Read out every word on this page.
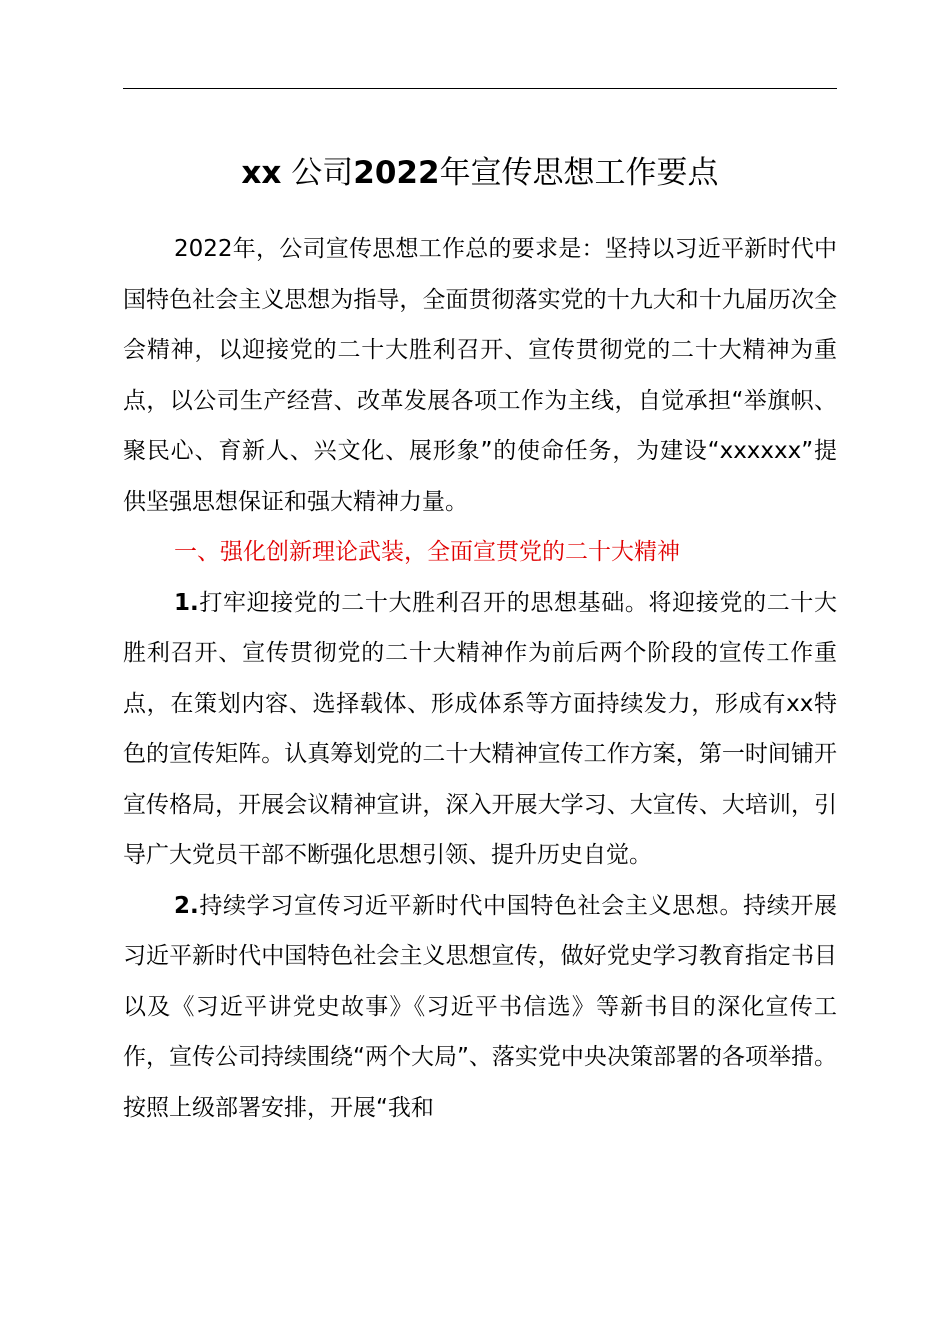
xx 公司2022年宣传思想工作要点

2022年，公司宣传思想工作总的要求是：坚持以习近平新时代中国特色社会主义思想为指导，全面贯彻落实党的十九大和十九届历次全会精神，以迎接党的二十大胜利召开、宣传贯彻党的二十大精神为重点，以公司生产经营、改革发展各项工作为主线，自觉承担“举旗帜、聚民心、育新人、兴文化、展形象”的使命任务，为建设“xxxxxx”提供坚强思想保证和强大精神力量。

一、强化创新理论武装，全面宣贯党的二十大精神

1.打牢迎接党的二十大胜利召开的思想基础。将迎接党的二十大胜利召开、宣传贯彻党的二十大精神作为前后两个阶段的宣传工作重点，在策划内容、选择载体、形成体系等方面持续发力，形成有xx特色的宣传矩阵。认真筹划党的二十大精神宣传工作方案，第一时间铺开宣传格局，开展会议精神宣讲，深入开展大学习、大宣传、大培训，引导广大党员干部不断强化思想引领、提升历史自觉。

2.持续学习宣传习近平新时代中国特色社会主义思想。持续开展习近平新时代中国特色社会主义思想宣传，做好党史学习教育指定书目以及《习近平讲党史故事》《习近平书信选》等新书目的深化宣传工作，宣传公司持续围绕“两个大局”、落实党中央决策部署的各项举措。按照上级部署安排，开展“我和
